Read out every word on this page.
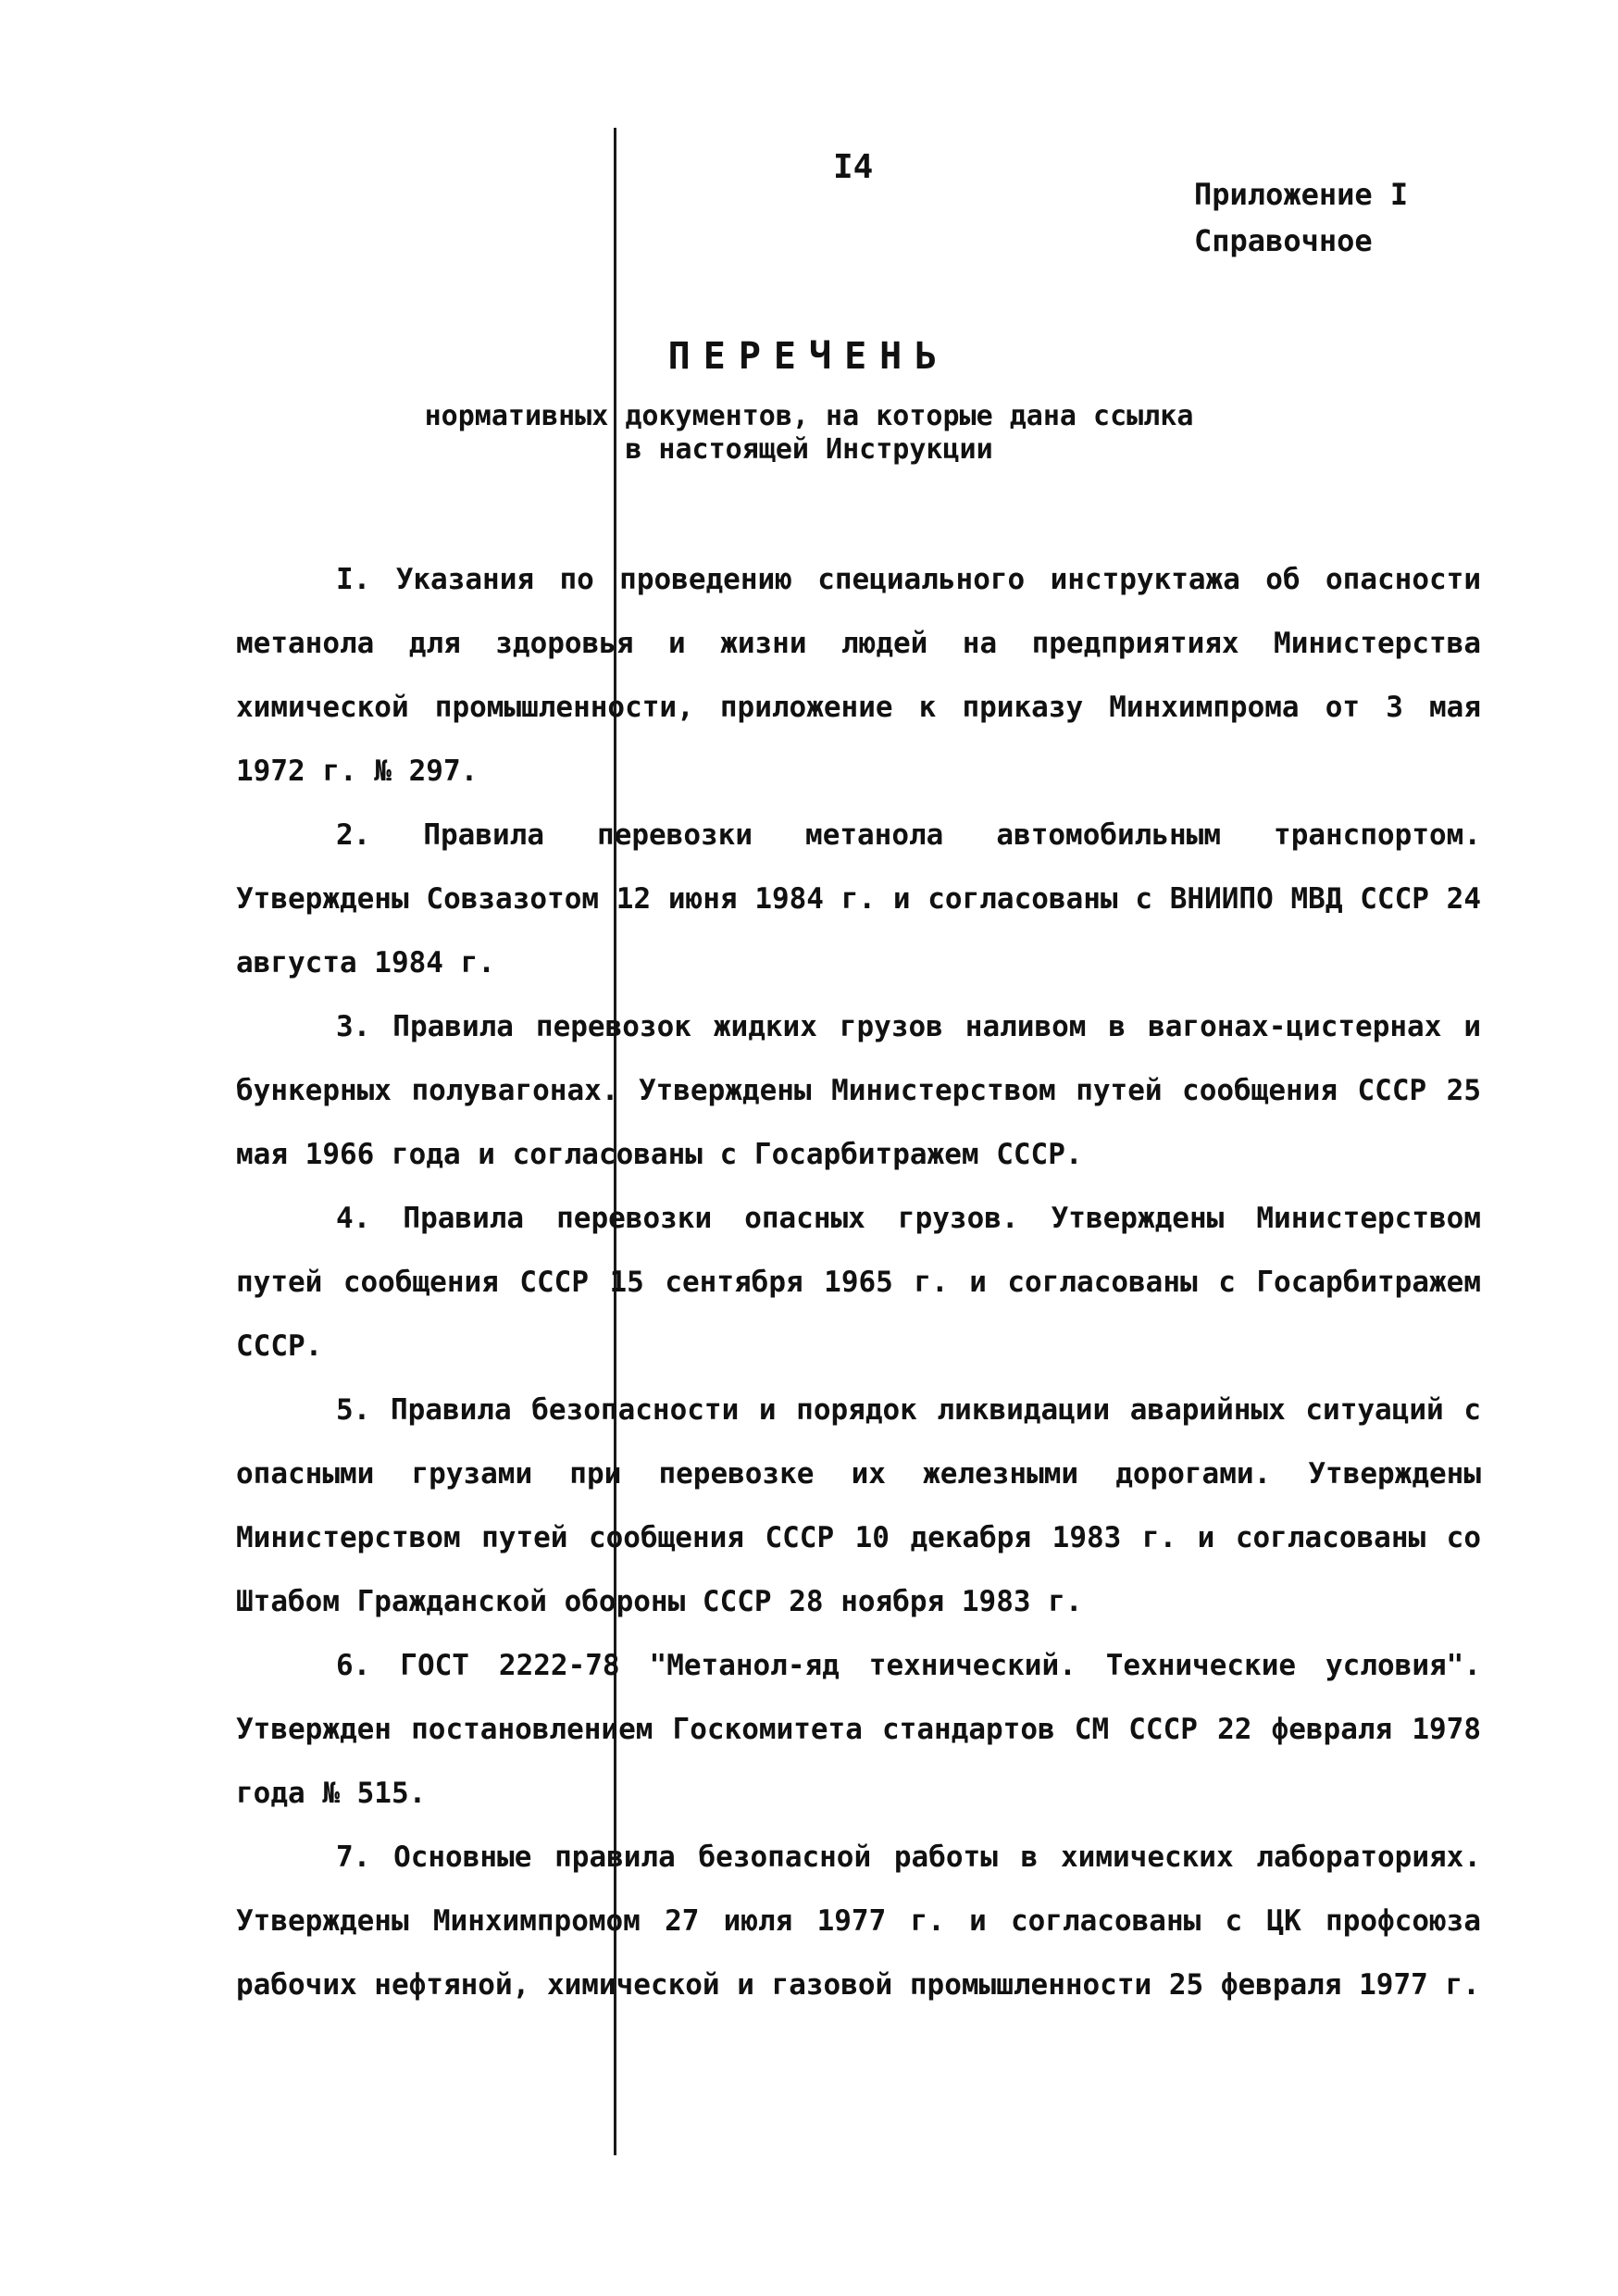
I4
Приложение I
Справочное
ПЕРЕЧЕНЬ
нормативных документов, на которые дана ссылка
в настоящей Инструкции

I. Указания по проведению специального инструктажа об опасности метанола для здоровья и жизни людей на предприятиях Министерства химической промышленности, приложение к приказу Минхимпрома от 3 мая 1972 г. № 297.

2. Правила перевозки метанола автомобильным транспортом. Утверждены Совзазотом 12 июня 1984 г. и согласованы с ВНИИПО МВД СССР 24 августа 1984 г.

3. Правила перевозок жидких грузов наливом в вагонах-цистернах и бункерных полувагонах. Утверждены Министерством путей сообщения СССР 25 мая 1966 года и согласованы с Госарбитражем СССР.

4. Правила перевозки опасных грузов. Утверждены Министерством путей сообщения СССР 15 сентября 1965 г. и согласованы с Госарбитражем СССР.

5. Правила безопасности и порядок ликвидации аварийных ситуаций с опасными грузами при перевозке их железными дорогами. Утверждены Министерством путей сообщения СССР 10 декабря 1983 г. и согласованы со Штабом Гражданской обороны СССР 28 ноября 1983 г.

6. ГОСТ 2222-78 "Метанол-яд технический. Технические условия". Утвержден постановлением Госкомитета стандартов СМ СССР 22 февраля 1978 года № 515.

7. Основные правила безопасной работы в химических лабораториях. Утверждены Минхимпромом 27 июля 1977 г. и согласованы с ЦК профсоюза рабочих нефтяной, химической и газовой промышленности 25 февраля 1977 г.
